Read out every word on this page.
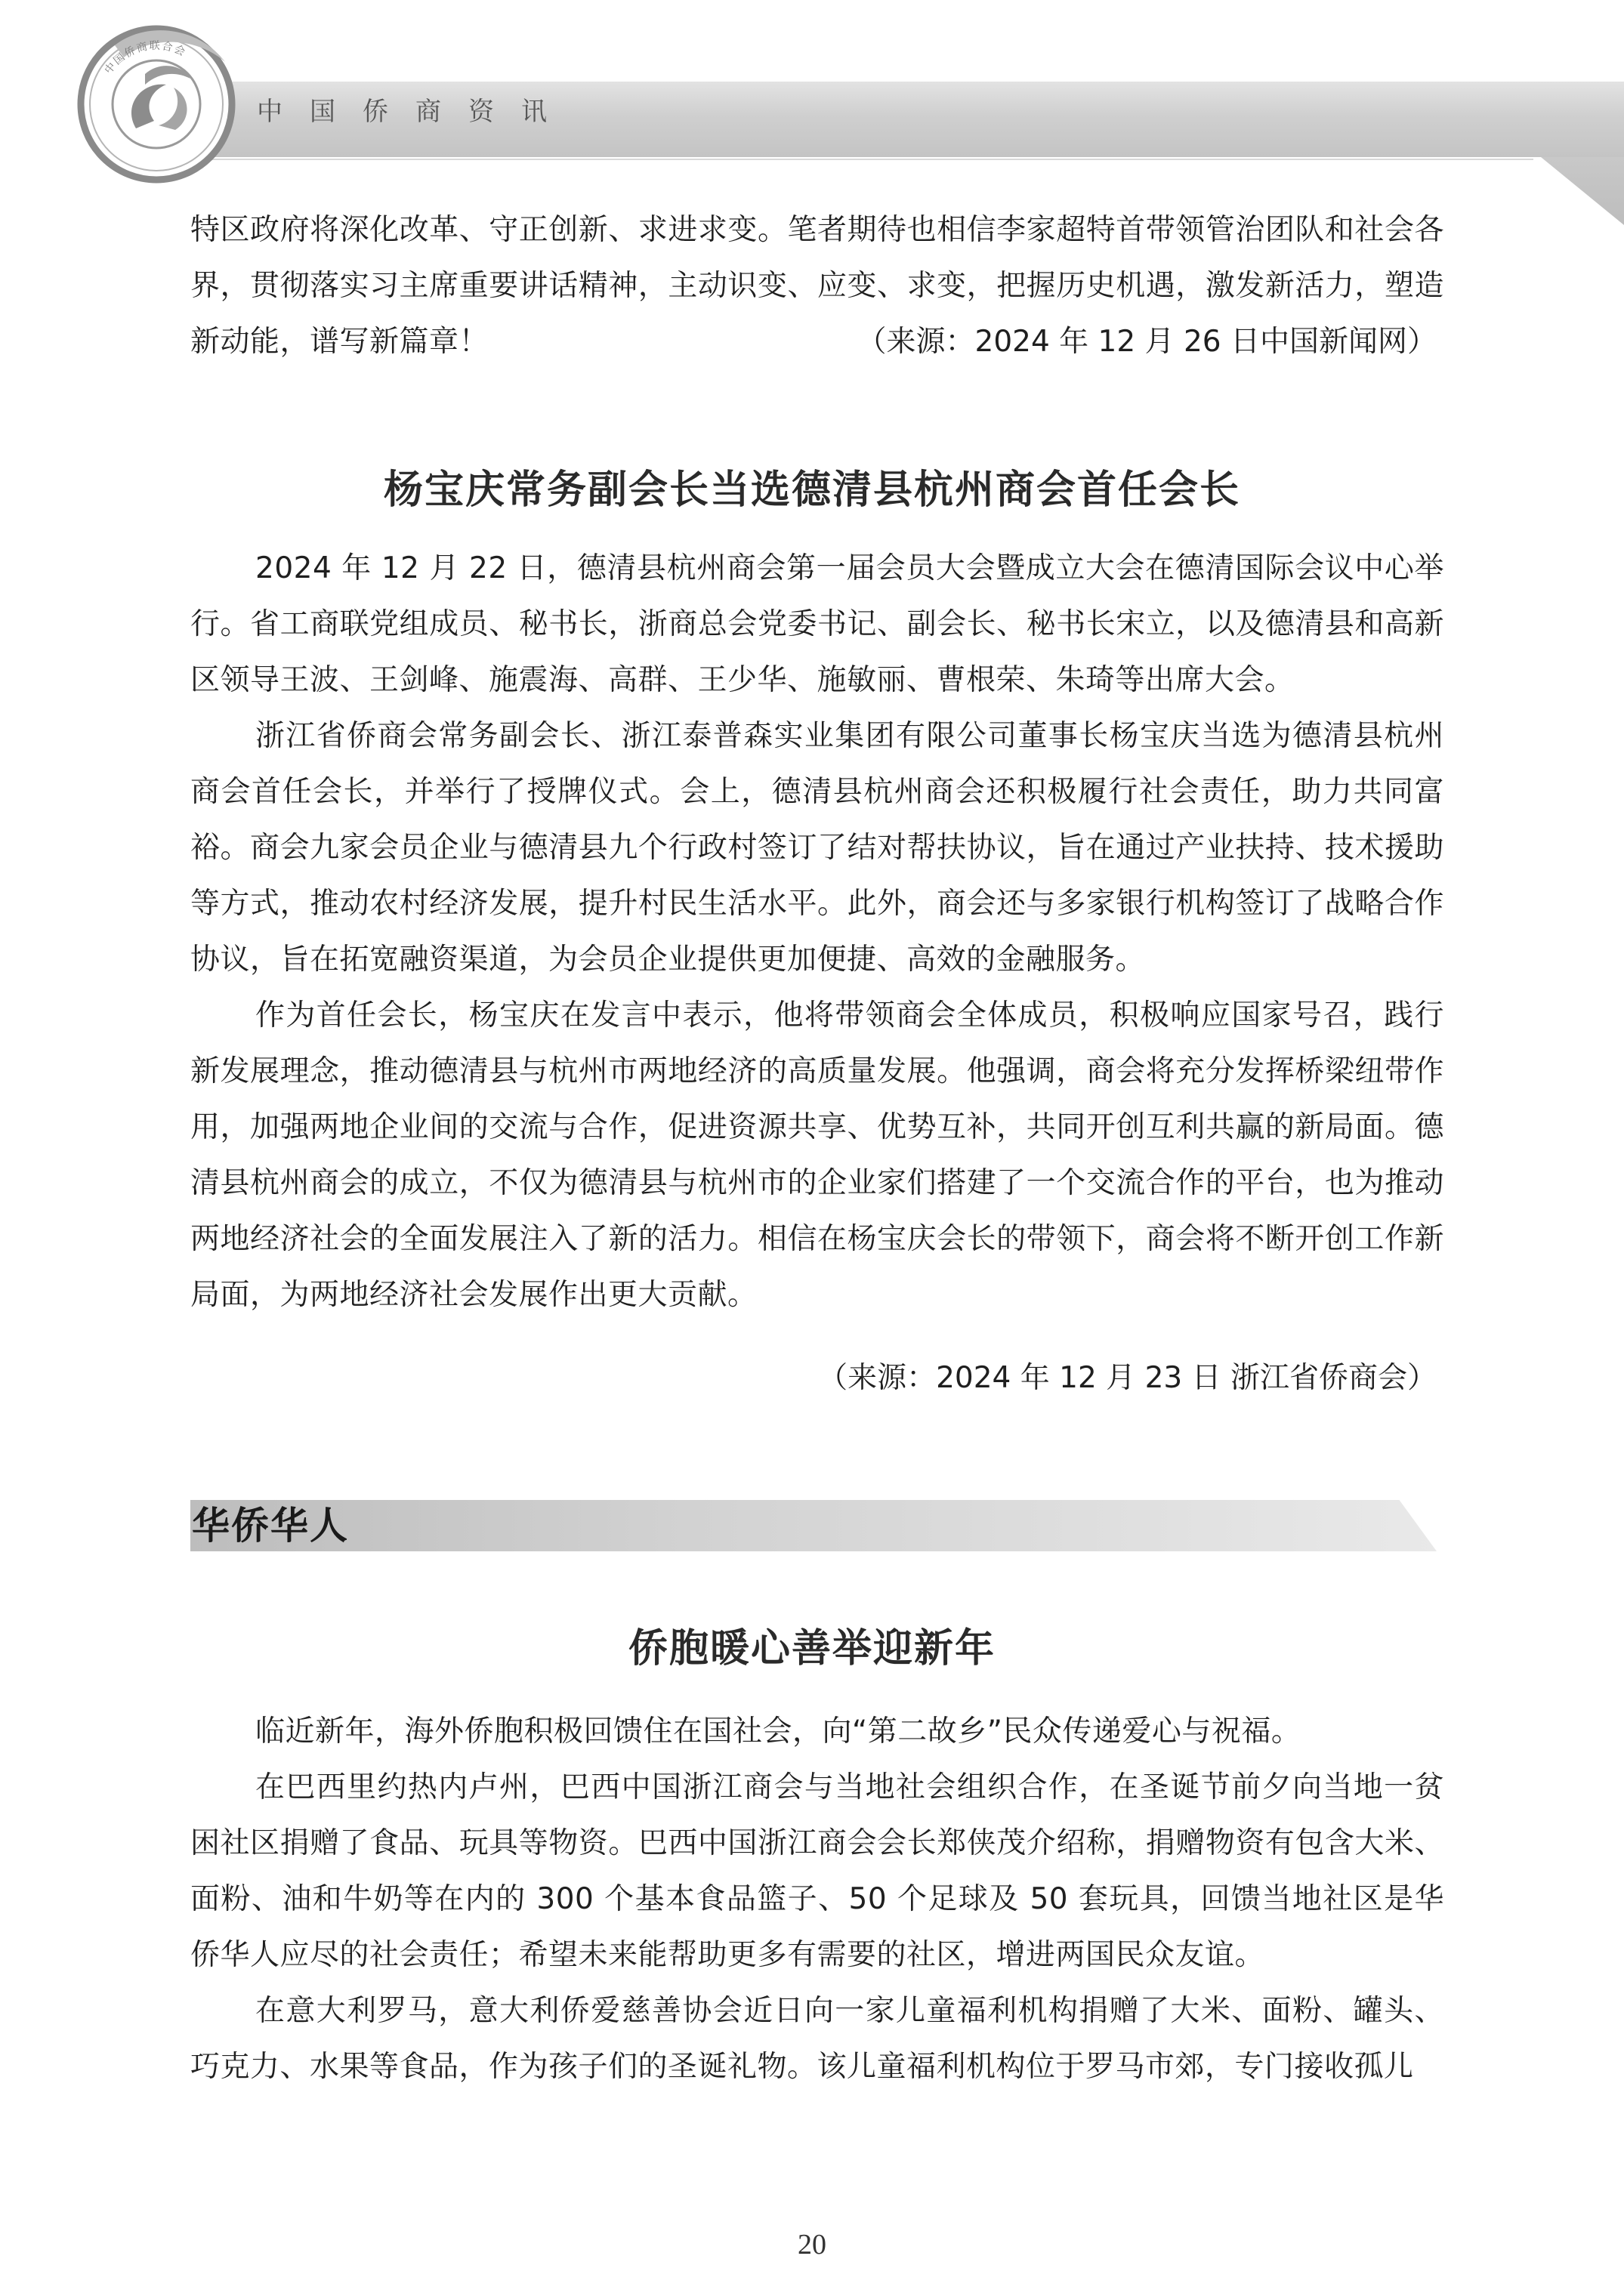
中国侨商资讯
中国侨商联合会

特区政府将深化改革、守正创新、求进求变。笔者期待也相信李家超特首带领管治团队和社会各界，贯彻落实习主席重要讲话精神，主动识变、应变、求变，把握历史机遇，激发新活力，塑造新动能，谱写新篇章！	（来源：2024 年 12 月 26 日中国新闻网）
杨宝庆常务副会长当选德清县杭州商会首任会长

2024 年 12 月 22 日，德清县杭州商会第一届会员大会暨成立大会在德清国际会议中心举行。省工商联党组成员、秘书长，浙商总会党委书记、副会长、秘书长宋立，以及德清县和高新区领导王波、王剑峰、施震海、高群、王少华、施敏丽、曹根荣、朱琦等出席大会。

浙江省侨商会常务副会长、浙江泰普森实业集团有限公司董事长杨宝庆当选为德清县杭州商会首任会长，并举行了授牌仪式。会上，德清县杭州商会还积极履行社会责任，助力共同富裕。商会九家会员企业与德清县九个行政村签订了结对帮扶协议，旨在通过产业扶持、技术援助等方式，推动农村经济发展，提升村民生活水平。此外，商会还与多家银行机构签订了战略合作协议，旨在拓宽融资渠道，为会员企业提供更加便捷、高效的金融服务。

作为首任会长，杨宝庆在发言中表示，他将带领商会全体成员，积极响应国家号召，践行新发展理念，推动德清县与杭州市两地经济的高质量发展。他强调，商会将充分发挥桥梁纽带作用，加强两地企业间的交流与合作，促进资源共享、优势互补，共同开创互利共赢的新局面。德清县杭州商会的成立，不仅为德清县与杭州市的企业家们搭建了一个交流合作的平台，也为推动两地经济社会的全面发展注入了新的活力。相信在杨宝庆会长的带领下，商会将不断开创工作新局面，为两地经济社会发展作出更大贡献。

（来源：2024 年 12 月 23 日 浙江省侨商会）
华侨华人
侨胞暖心善举迎新年

临近新年，海外侨胞积极回馈住在国社会，向“第二故乡”民众传递爱心与祝福。

在巴西里约热内卢州，巴西中国浙江商会与当地社会组织合作，在圣诞节前夕向当地一贫困社区捐赠了食品、玩具等物资。巴西中国浙江商会会长郑侠茂介绍称，捐赠物资有包含大米、面粉、油和牛奶等在内的 300 个基本食品篮子、50 个足球及 50 套玩具，回馈当地社区是华侨华人应尽的社会责任；希望未来能帮助更多有需要的社区，增进两国民众友谊。

在意大利罗马，意大利侨爱慈善协会近日向一家儿童福利机构捐赠了大米、面粉、罐头、巧克力、水果等食品，作为孩子们的圣诞礼物。该儿童福利机构位于罗马市郊，专门接收孤儿

20
